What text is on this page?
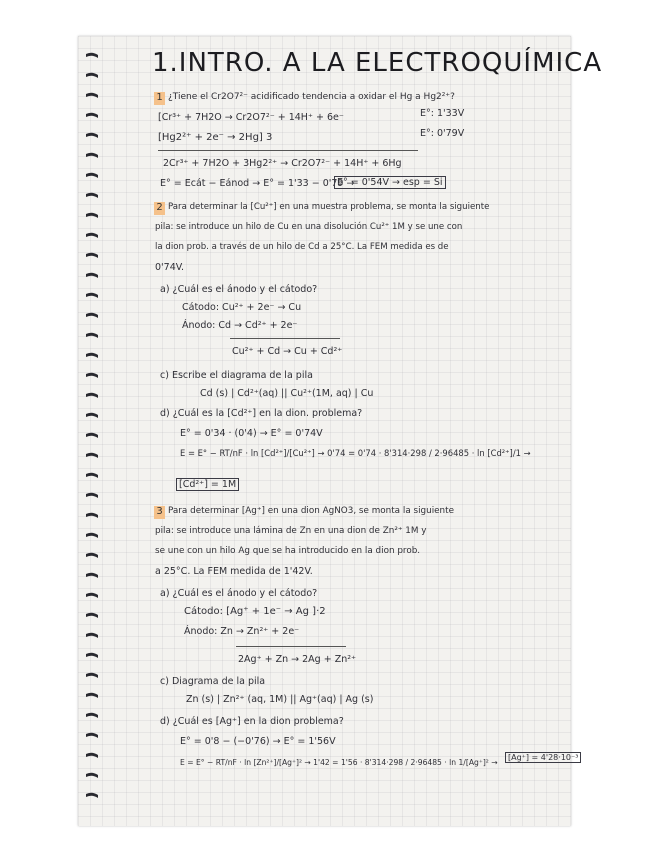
1.INTRO. A LA ELECTROQUÍMICA
1 ¿Tiene el Cr2O7²⁻ acidificado tendencia a oxidar el Hg a Hg2²⁺?
[Cr³⁺ + 7H2O → Cr2O7²⁻ + 14H⁺ + 6e⁻	E°: 1'33V
[Hg2²⁺ + 2e⁻ → 2Hg] 3	E°: 0'79V
2Cr³⁺ + 7H2O + 3Hg2²⁺ → Cr2O7²⁻ + 14H⁺ + 6Hg
E° = Ecát − Eánod → E° = 1'33 − 0'79 →
E° = 0'54V → esp = Si
2 Para determinar la [Cu²⁺] en una muestra problema, se monta la siguiente
pila: se introduce un hilo de Cu en una disolución Cu²⁺ 1M y se une con
la dion prob. a través de un hilo de Cd a 25°C. La FEM medida es de
0'74V.
a) ¿Cuál es el ánodo y el cátodo?
Cátodo: Cu²⁺ + 2e⁻ → Cu
Ánodo: Cd → Cd²⁺ + 2e⁻
Cu²⁺ + Cd → Cu + Cd²⁺
c) Escribe el diagrama de la pila
Cd (s) | Cd²⁺(aq) || Cu²⁺(1M, aq) | Cu
d) ¿Cuál es la [Cd²⁺] en la dion. problema?
E° = 0'34 · (0'4) → E° = 0'74V
E = E° − RT/nF · ln [Cd²⁺]/[Cu²⁺] → 0'74 = 0'74 · 8'314·298 / 2·96485 · ln [Cd²⁺]/1 →
[Cd²⁺] = 1M
3 Para determinar [Ag⁺] en una dion AgNO3, se monta la siguiente
pila: se introduce una lámina de Zn en una dion de Zn²⁺ 1M y
se une con un hilo Ag que se ha introducido en la dion prob.
a 25°C. La FEM medida de 1'42V.
a) ¿Cuál es el ánodo y el cátodo?
Cátodo: [Ag⁺ + 1e⁻ → Ag ]·2
Ánodo: Zn → Zn²⁺ + 2e⁻
2Ag⁺ + Zn → 2Ag + Zn²⁺
c) Diagrama de la pila
Zn (s) | Zn²⁺ (aq, 1M) || Ag⁺(aq) | Ag (s)
d) ¿Cuál es [Ag⁺] en la dion problema?
E° = 0'8 − (−0'76) → E° = 1'56V
E = E° − RT/nF · ln [Zn²⁺]/[Ag⁺]² → 1'42 = 1'56 · 8'314·298 / 2·96485 · ln 1/[Ag⁺]² →
[Ag⁺] = 4'28·10⁻³
